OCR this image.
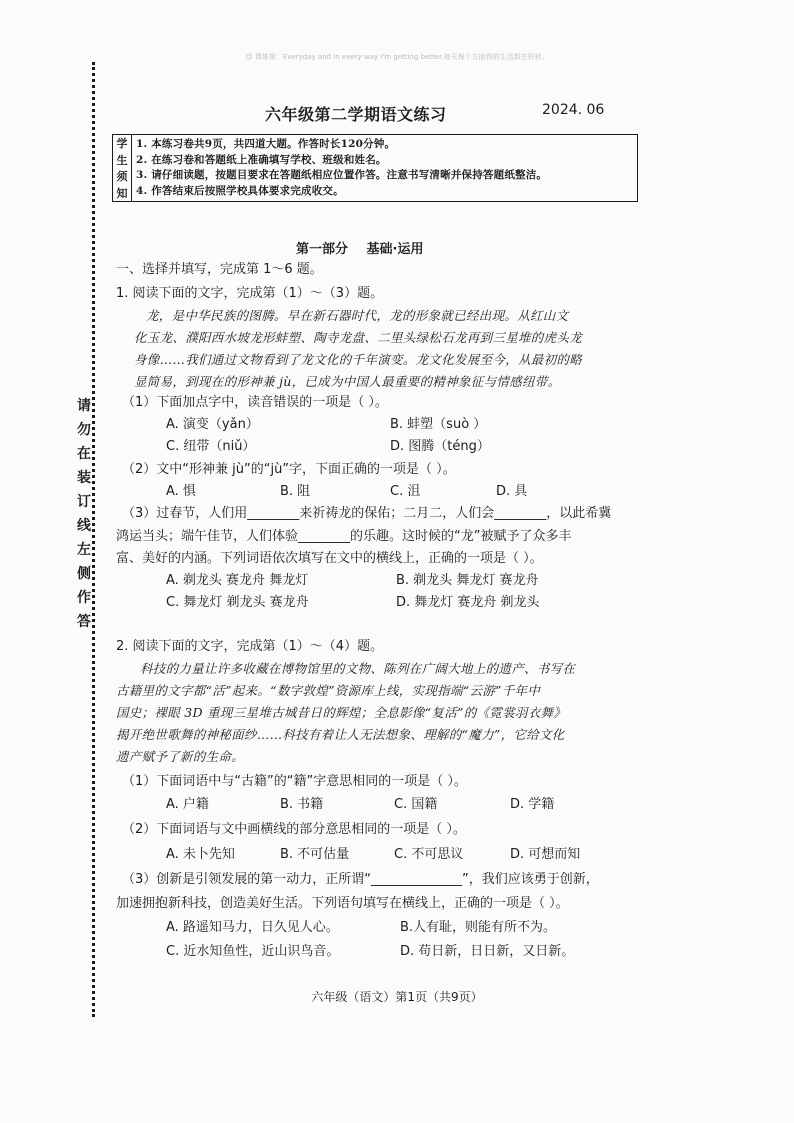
☺ 课练第：Everyday and in every way I'm getting better.每天每个方面我的生活都在好转。
请
勿
在
装
订
线
左
侧
作
答
六年级第二学期语文练习	2024. 06
学
生
须
知
1. 本练习卷共9页，共四道大题。作答时长120分钟。
2. 在练习卷和答题纸上准确填写学校、班级和姓名。
3. 请仔细读题，按题目要求在答题纸相应位置作答。注意书写清晰并保持答题纸整洁。
4. 作答结束后按照学校具体要求完成收交。
第一部分 基础·运用
一、选择并填写，完成第 1～6 题。
1. 阅读下面的文字，完成第（1）～（3）题。
龙，是中华民族的图腾。早在新石器时代，龙的形象就已经出现。从红山文
化玉龙、濮阳西水坡龙形蚌塑、陶寺龙盘、二里头绿松石龙再到三星堆的虎头龙
身像……我们通过文物看到了龙文化的千年演变。龙文化发展至今，从最初的略
显简易，到现在的形神兼 jù，已成为中国人最重要的精神象征与情感纽带。
（1）下面加点字中，读音错误的一项是（ ）。
A. 演变（yǎn）	B. 蚌塑（suò ）
C. 纽带（niǔ）	D. 图腾（téng）
（2）文中“形神兼 jù”的“jù”字，下面正确的一项是（ ）。
A. 惧	B. 阻	C. 沮	D. 具
（3）过春节，人们用________来祈祷龙的保佑；二月二，人们会________，以此希冀
鸿运当头；端午佳节，人们体验________的乐趣。这时候的“龙”被赋予了众多丰
富、美好的内涵。下列词语依次填写在文中的横线上，正确的一项是（ ）。
A. 剃龙头 赛龙舟 舞龙灯	B. 剃龙头 舞龙灯 赛龙舟
C. 舞龙灯 剃龙头 赛龙舟	D. 舞龙灯 赛龙舟 剃龙头
2. 阅读下面的文字，完成第（1）～（4）题。
科技的力量让许多收藏在博物馆里的文物、陈列在广阔大地上的遗产、书写在
古籍里的文字都“活”起来。“数字敦煌”资源库上线，实现指端“云游”千年中
国史；裸眼 3D 重现三星堆古城昔日的辉煌；全息影像“复活”的《霓裳羽衣舞》
揭开绝世歌舞的神秘面纱……科技有着让人无法想象、理解的“魔力”，它给文化
遗产赋予了新的生命。
（1）下面词语中与“古籍”的“籍”字意思相同的一项是（ ）。
A. 户籍	B. 书籍	C. 国籍	D. 学籍
（2）下面词语与文中画横线的部分意思相同的一项是（ ）。
A. 未卜先知	B. 不可估量	C. 不可思议	D. 可想而知
（3）创新是引领发展的第一动力，正所谓“______________”，我们应该勇于创新，
加速拥抱新科技，创造美好生活。下列语句填写在横线上，正确的一项是（ ）。
A. 路遥知马力，日久见人心。	B.人有耻，则能有所不为。
C. 近水知鱼性，近山识鸟音。	D. 苟日新，日日新，又日新。
六年级（语文）第1页（共9页）
